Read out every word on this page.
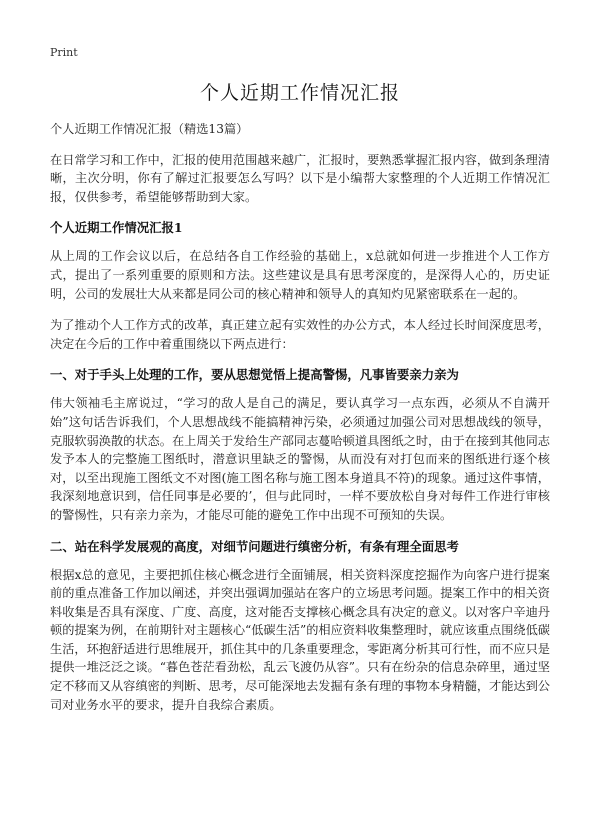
Print
个人近期工作情况汇报

个人近期工作情况汇报（精选13篇）

在日常学习和工作中，汇报的使用范围越来越广，汇报时，要熟悉掌握汇报内容，做到条理清晰，主次分明，你有了解过汇报要怎么写吗？以下是小编帮大家整理的个人近期工作情况汇报，仅供参考，希望能够帮助到大家。

个人近期工作情况汇报1

从上周的工作会议以后，在总结各自工作经验的基础上，x总就如何进一步推进个人工作方式，提出了一系列重要的原则和方法。这些建议是具有思考深度的，是深得人心的，历史证明，公司的发展壮大从来都是同公司的核心精神和领导人的真知灼见紧密联系在一起的。

为了推动个人工作方式的改革，真正建立起有实效性的办公方式，本人经过长时间深度思考，决定在今后的工作中着重围绕以下两点进行：

一、对于手头上处理的工作，要从思想觉悟上提高警惕，凡事皆要亲力亲为

伟大领袖毛主席说过，“学习的敌人是自己的满足，要认真学习一点东西，必须从不自满开始”这句话告诉我们，个人思想战线不能搞精神污染，必须通过加强公司对思想战线的领导，克服软弱涣散的状态。在上周关于发给生产部同志蔓哈顿道具图纸之时，由于在接到其他同志发予本人的完整施工图纸时，潜意识里缺乏的警惕，从而没有对打包而来的图纸进行逐个核对，以至出现施工图纸文不对图(施工图名称与施工图本身道具不符)的现象。通过这件事情，我深刻地意识到，信任同事是必要的’，但与此同时，一样不要放松自身对每件工作进行审核的警惕性，只有亲力亲为，才能尽可能的避免工作中出现不可预知的失误。

二、站在科学发展观的高度，对细节问题进行缜密分析，有条有理全面思考

根据x总的意见，主要把抓住核心概念进行全面铺展，相关资料深度挖掘作为向客户进行提案前的重点准备工作加以阐述，并突出强调加强站在客户的立场思考问题。提案工作中的相关资料收集是否具有深度、广度、高度，这对能否支撑核心概念具有决定的意义。以对客户辛迪丹顿的提案为例，在前期针对主题核心“低碳生活”的相应资料收集整理时，就应该重点围绕低碳生活，环抱舒适进行思维展开，抓住其中的几条重要理念，零距离分析其可行性，而不应只是提供一堆泛泛之谈。“暮色苍茫看劲松，乱云飞渡仍从容”。只有在纷杂的信息杂碎里，通过坚定不移而又从容缜密的判断、思考，尽可能深地去发掘有条有理的事物本身精髓，才能达到公司对业务水平的要求，提升自我综合素质。
